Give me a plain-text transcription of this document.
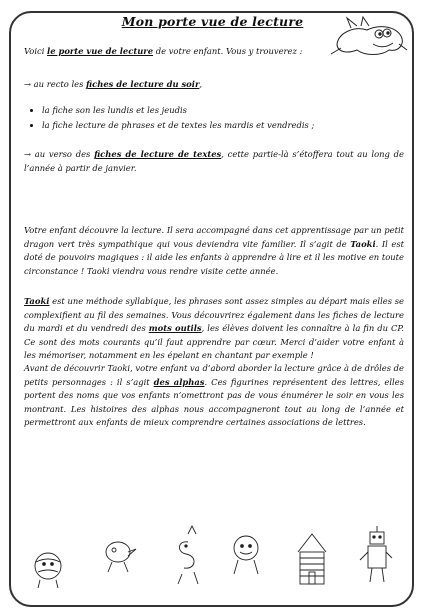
Mon porte vue de lecture
Voici le porte vue de lecture de votre enfant. Vous y trouverez :
→ au recto les fiches de lecture du soir,
• la fiche son les lundis et les jeudis
• la fiche lecture de phrases et de textes les mardis et vendredis ;
→ au verso des fiches de lecture de textes, cette partie-là s’étoffera tout au long de l’année à partir de janvier.
Votre enfant découvre la lecture. Il sera accompagné dans cet apprentissage par un petit dragon vert très sympathique qui vous deviendra vite familier. Il s’agit de Taoki. Il est doté de pouvoirs magiques : il aide les enfants à apprendre à lire et il les motive en toute circonstance ! Taoki viendra vous rendre visite cette année.
Taoki est une méthode syllabique, les phrases sont assez simples au départ mais elles se complexifient au fil des semaines. Vous découvrirez également dans les fiches de lecture du mardi et du vendredi des mots outils, les élèves doivent les connaître à la fin du CP. Ce sont des mots courants qu’il faut apprendre par cœur. Merci d’aider votre enfant à les mémoriser, notamment en les épelant en chantant par exemple !
Avant de découvrir Taoki, votre enfant va d’abord aborder la lecture grâce à de drôles de petits personnages : il s’agit des alphas. Ces figurines représentent des lettres, elles portent des noms que vos enfants n’omettront pas de vous énumérer le soir en vous les montrant. Les histoires des alphas nous accompagneront tout au long de l’année et permettront aux enfants de mieux comprendre certaines associations de lettres.
